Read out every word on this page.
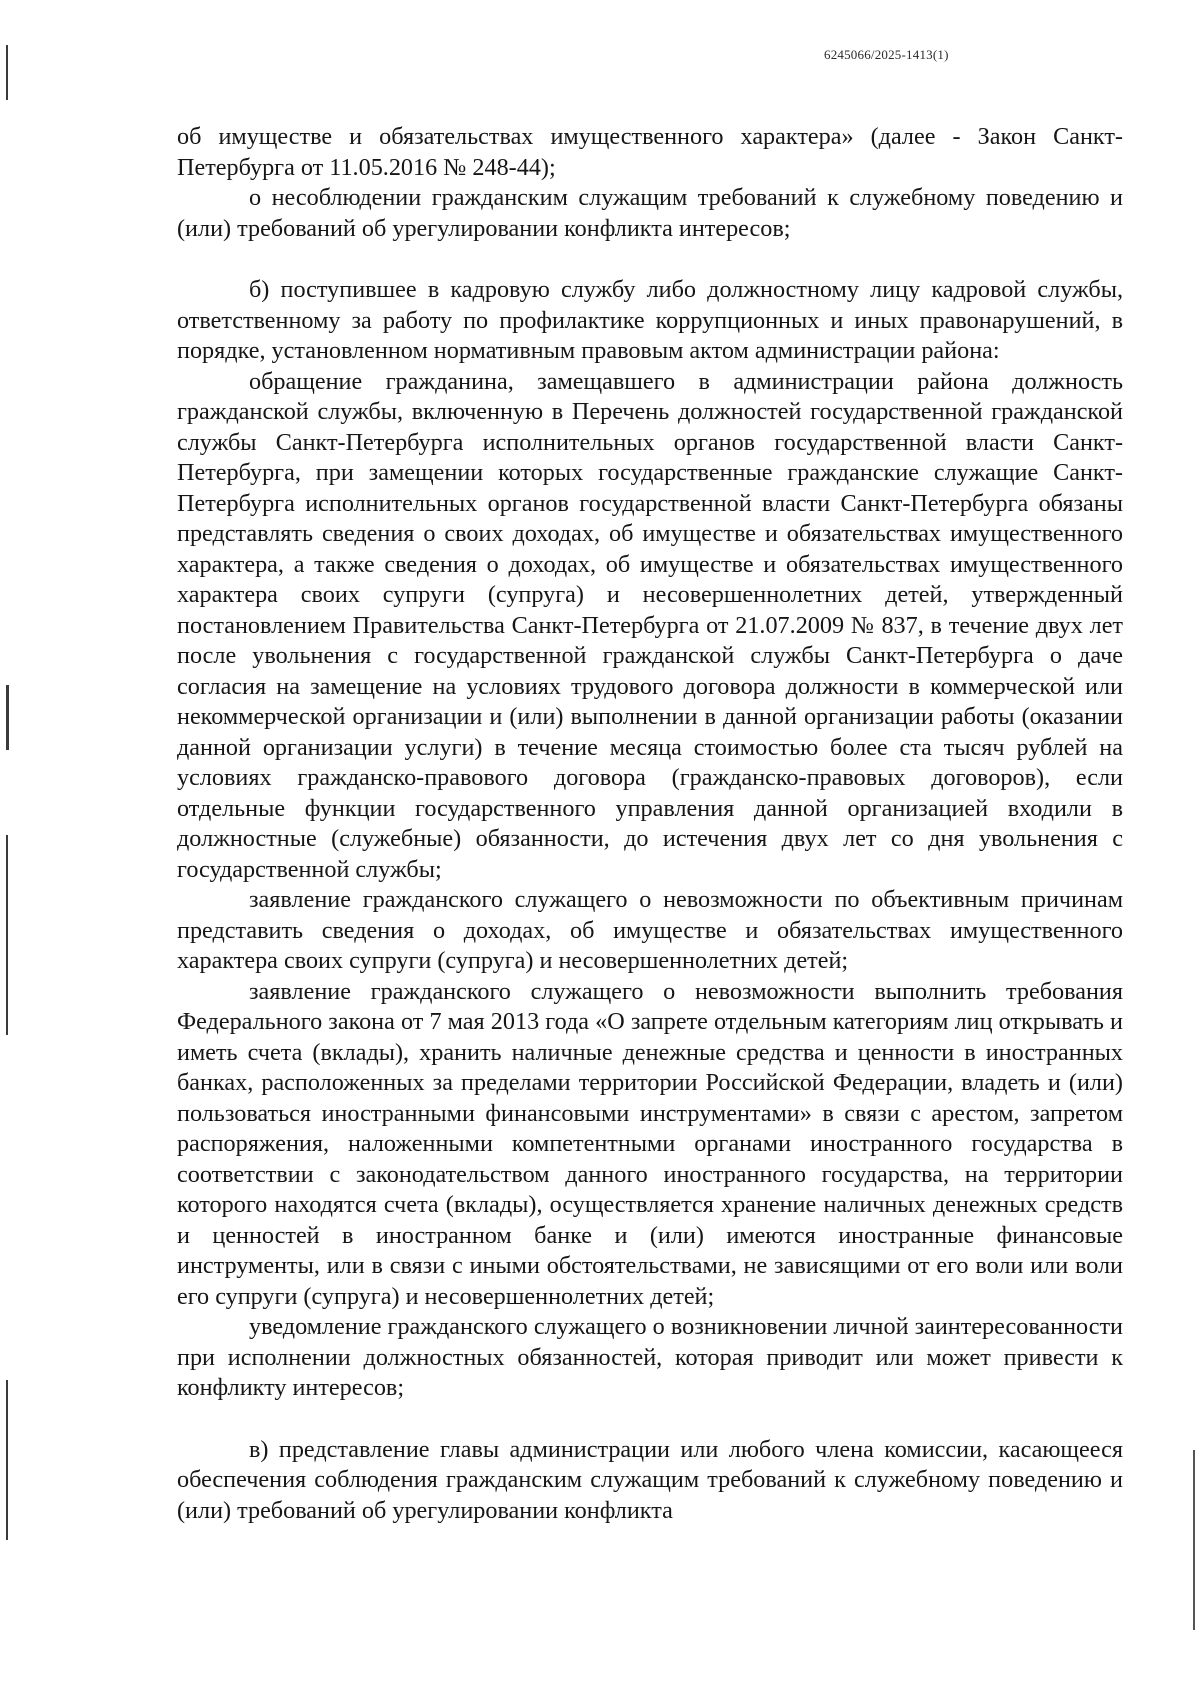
6245066/2025-1413(1)

об имуществе и обязательствах имущественного характера» (далее - Закон Санкт-Петербурга от 11.05.2016 № 248-44);

о несоблюдении гражданским служащим требований к служебному поведению и (или) требований об урегулировании конфликта интересов;

б) поступившее в кадровую службу либо должностному лицу кадровой службы, ответственному за работу по профилактике коррупционных и иных правонарушений, в порядке, установленном нормативным правовым актом администрации района:

обращение гражданина, замещавшего в администрации района должность гражданской службы, включенную в Перечень должностей государственной гражданской службы Санкт-Петербурга исполнительных органов государственной власти Санкт-Петербурга, при замещении которых государственные гражданские служащие Санкт-Петербурга исполнительных органов государственной власти Санкт-Петербурга обязаны представлять сведения о своих доходах, об имуществе и обязательствах имущественного характера, а также сведения о доходах, об имуществе и обязательствах имущественного характера своих супруги (супруга) и несовершеннолетних детей, утвержденный постановлением Правительства Санкт-Петербурга от 21.07.2009 № 837, в течение двух лет после увольнения с государственной гражданской службы Санкт-Петербурга о даче согласия на замещение на условиях трудового договора должности в коммерческой или некоммерческой организации и (или) выполнении в данной организации работы (оказании данной организации услуги) в течение месяца стоимостью более ста тысяч рублей на условиях гражданско-правового договора (гражданско-правовых договоров), если отдельные функции государственного управления данной организацией входили в должностные (служебные) обязанности, до истечения двух лет со дня увольнения с государственной службы;

заявление гражданского служащего о невозможности по объективным причинам представить сведения о доходах, об имуществе и обязательствах имущественного характера своих супруги (супруга) и несовершеннолетних детей;

заявление гражданского служащего о невозможности выполнить требования Федерального закона от 7 мая 2013 года «О запрете отдельным категориям лиц открывать и иметь счета (вклады), хранить наличные денежные средства и ценности в иностранных банках, расположенных за пределами территории Российской Федерации, владеть и (или) пользоваться иностранными финансовыми инструментами» в связи с арестом, запретом распоряжения, наложенными компетентными органами иностранного государства в соответствии с законодательством данного иностранного государства, на территории которого находятся счета (вклады), осуществляется хранение наличных денежных средств и ценностей в иностранном банке и (или) имеются иностранные финансовые инструменты, или в связи с иными обстоятельствами, не зависящими от его воли или воли его супруги (супруга) и несовершеннолетних детей;

уведомление гражданского служащего о возникновении личной заинтересованности при исполнении должностных обязанностей, которая приводит или может привести к конфликту интересов;

в) представление главы администрации или любого члена комиссии, касающееся обеспечения соблюдения гражданским служащим требований к служебному поведению и (или) требований об урегулировании конфликта
